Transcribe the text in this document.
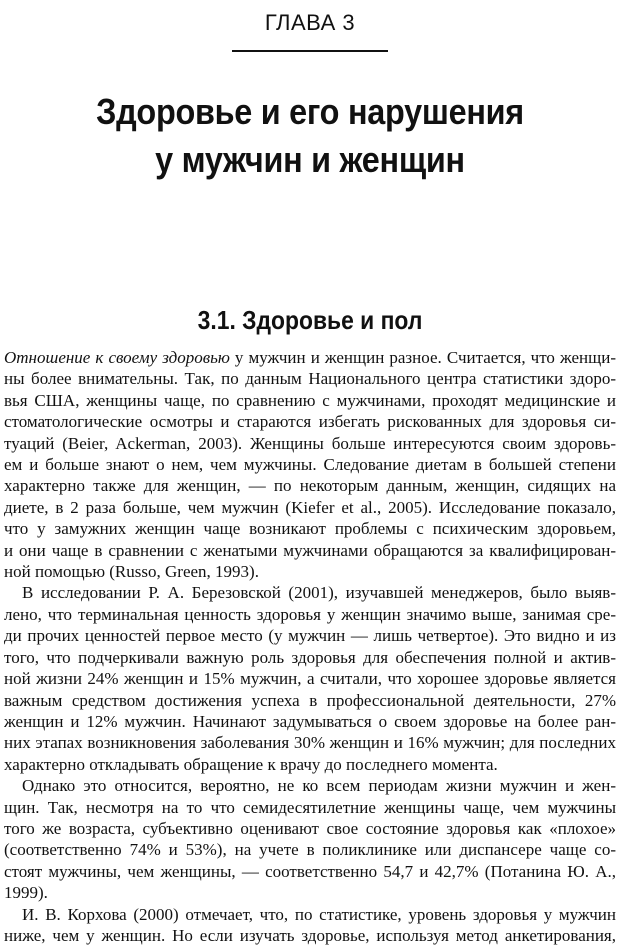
ГЛАВА 3
Здоровье и его нарушения
у мужчин и женщин
3.1. Здоровье и пол
Отношение к своему здоровью у мужчин и женщин разное. Считается, что женщи-
ны более внимательны. Так, по данным Национального центра статистики здоро-
вья США, женщины чаще, по сравнению с мужчинами, проходят медицинские и
стоматологические осмотры и стараются избегать рискованных для здоровья си-
туаций (Beier, Ackerman, 2003). Женщины больше интересуются своим здоровь-
ем и больше знают о нем, чем мужчины. Следование диетам в большей степени
характерно также для женщин, — по некоторым данным, женщин, сидящих на
диете, в 2 раза больше, чем мужчин (Kiefer et al., 2005). Исследование показало,
что у замужних женщин чаще возникают проблемы с психическим здоровьем,
и они чаще в сравнении с женатыми мужчинами обращаются за квалифицирован-
ной помощью (Russo, Green, 1993).
В исследовании Р. А. Березовской (2001), изучавшей менеджеров, было выяв-
лено, что терминальная ценность здоровья у женщин значимо выше, занимая сре-
ди прочих ценностей первое место (у мужчин — лишь четвертое). Это видно и из
того, что подчеркивали важную роль здоровья для обеспечения полной и актив-
ной жизни 24% женщин и 15% мужчин, а считали, что хорошее здоровье является
важным средством достижения успеха в профессиональной деятельности, 27%
женщин и 12% мужчин. Начинают задумываться о своем здоровье на более ран-
них этапах возникновения заболевания 30% женщин и 16% мужчин; для последних
характерно откладывать обращение к врачу до последнего момента.
Однако это относится, вероятно, не ко всем периодам жизни мужчин и жен-
щин. Так, несмотря на то что семидесятилетние женщины чаще, чем мужчины
того же возраста, субъективно оценивают свое состояние здоровья как «плохое»
(соответственно 74% и 53%), на учете в поликлинике или диспансере чаще со-
стоят мужчины, чем женщины, — соответственно 54,7 и 42,7% (Потанина Ю. А.,
1999).
И. В. Корхова (2000) отмечает, что, по статистике, уровень здоровья у мужчин
ниже, чем у женщин. Но если изучать здоровье, используя метод анкетирования,
